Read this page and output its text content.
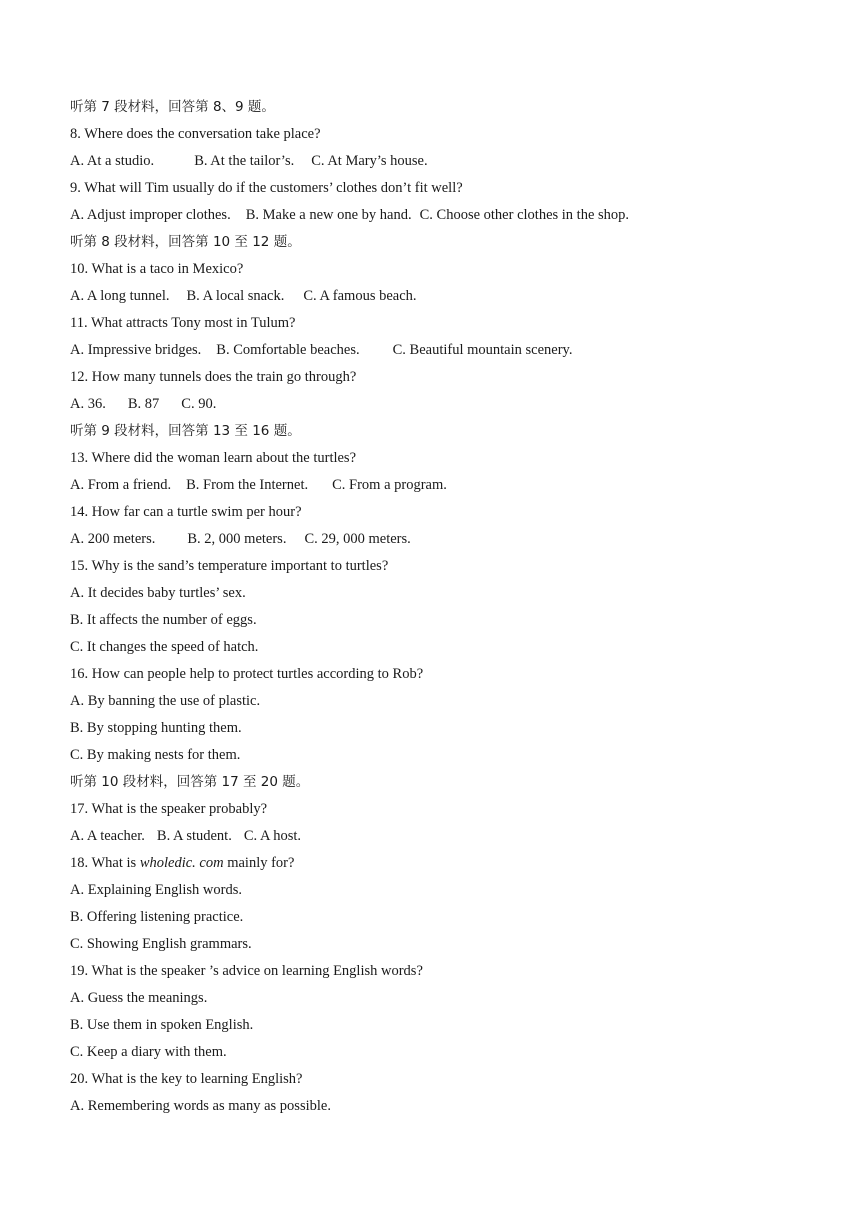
听第 7 段材料，回答第 8、9 题。
8. Where does the conversation take place?
A. At a studio.	B. At the tailor’s. C. At Mary’s house.
9. What will Tim usually do if the customers’ clothes don’t fit well?
A. Adjust improper clothes. B. Make a new one by hand. C. Choose other clothes in the shop.
听第 8 段材料，回答第 10 至 12 题。
10. What is a taco in Mexico?
A. A long tunnel. B. A local snack. C. A famous beach.
11. What attracts Tony most in Tulum?
A. Impressive bridges. B. Comfortable beaches. C. Beautiful mountain scenery.
12. How many tunnels does the train go through?
A. 36. B. 87 C. 90.
听第 9 段材料，回答第 13 至 16 题。
13. Where did the woman learn about the turtles?
A. From a friend. B. From the Internet. C. From a program.
14. How far can a turtle swim per hour?
A. 200 meters. B. 2, 000 meters. C. 29, 000 meters.
15. Why is the sand’s temperature important to turtles?
A. It decides baby turtles’ sex.
B. It affects the number of eggs.
C. It changes the speed of hatch.
16. How can people help to protect turtles according to Rob?
A. By banning the use of plastic.
B. By stopping hunting them.
C. By making nests for them.
听第 10 段材料，回答第 17 至 20 题。
17. What is the speaker probably?
A. A teacher. B. A student. C. A host.
18. What is wholedic. com mainly for?
A. Explaining English words.
B. Offering listening practice.
C. Showing English grammars.
19. What is the speaker ’s advice on learning English words?
A. Guess the meanings.
B. Use them in spoken English.
C. Keep a diary with them.
20. What is the key to learning English?
A. Remembering words as many as possible.
